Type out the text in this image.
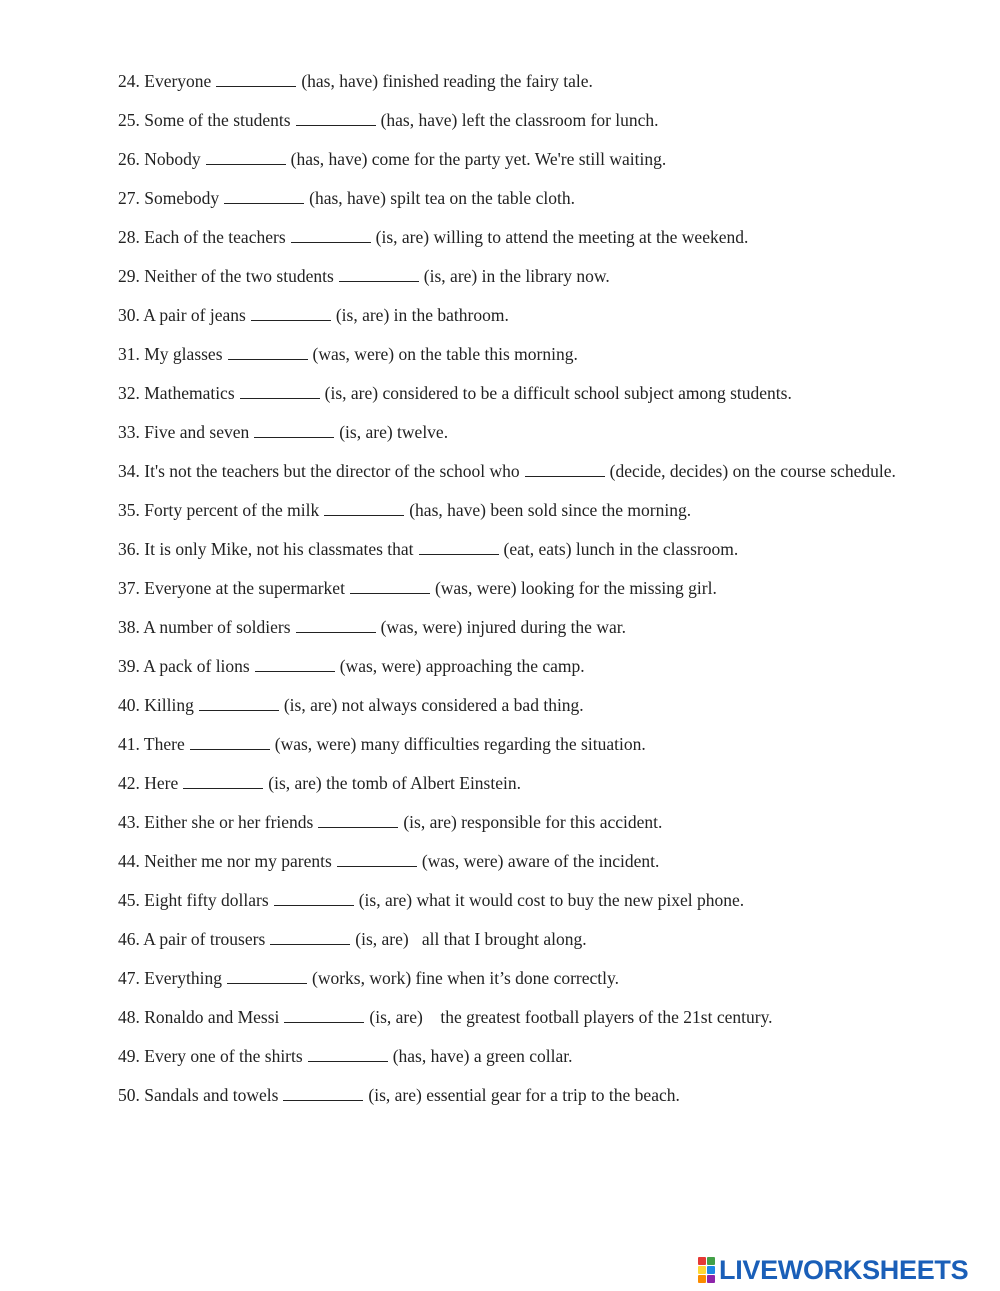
24. Everyone	(has, have) finished reading the fairy tale.
25. Some of the students	(has, have) left the classroom for lunch.
26. Nobody	(has, have) come for the party yet. We're still waiting.
27. Somebody	(has, have) spilt tea on the table cloth.
28. Each of the teachers	(is, are) willing to attend the meeting at the weekend.
29. Neither of the two students	(is, are) in the library now.
30. A pair of jeans	(is, are) in the bathroom.
31. My glasses	(was, were) on the table this morning.
32. Mathematics	(is, are) considered to be a difficult school subject among students.
33. Five and seven	(is, are) twelve.
34. It's not the teachers but the director of the school who	(decide, decides) on the course schedule.
35. Forty percent of the milk	(has, have) been sold since the morning.
36. It is only Mike, not his classmates that	(eat, eats) lunch in the classroom.
37. Everyone at the supermarket	(was, were) looking for the missing girl.
38. A number of soldiers	(was, were) injured during the war.
39. A pack of lions	(was, were) approaching the camp.
40. Killing	(is, are) not always considered a bad thing.
41. There	(was, were) many difficulties regarding the situation.
42. Here	(is, are) the tomb of Albert Einstein.
43. Either she or her friends	(is, are) responsible for this accident.
44. Neither me nor my parents	(was, were) aware of the incident.
45. Eight fifty dollars	(is, are) what it would cost to buy the new pixel phone.
46. A pair of trousers	(is, are)   all that I brought along.
47. Everything	(works, work) fine when it’s done correctly.
48. Ronaldo and Messi	(is, are)    the greatest football players of the 21st century.
49. Every one of the shirts	(has, have) a green collar.
50. Sandals and towels	(is, are) essential gear for a trip to the beach.
LIVEWORKSHEETS
